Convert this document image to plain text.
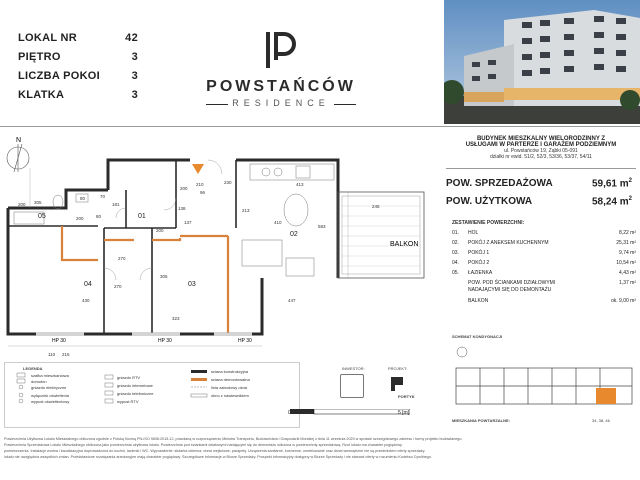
LOKAL NR	42
PIĘTRO	3
LICZBA POKOI	3
KLATKA	3	POWSTAŃCÓW
RESIDENCE
N
01
02
03
04
05
BALKON
HP 30	HP 30	HP 30
110 215
200 305
80
80
181
200
70
200
138
137
200
230
210
270
213
245
410
583
413
323
430
270
447
305
96
BUDYNEK MIESZKALNY WIELORODZINNY Z
USŁUGAMI W PARTERZE I GARAŻEM PODZIEMNYM
ul. Powstańców 19, Ząbki 05-091
działki nr ewid. 51/2, 52/3, 53/36, 53/37, 54/11
POW. SPRZEDAŻOWA	59,61 $m^2$
POW. UŻYTKOWA	58,24 $m^2$
ZESTAWIENIE POWIERZCHNI:
01. HOL	8,22 m²
02. POKÓJ Z ANEKSEM KUCHENNYM	25,31 m²
03. POKÓJ 1	9,74 m²
04. POKÓJ 2	10,54 m²
05. ŁAZIENKA	4,43 m²
POW. POD ŚCIANKAMI DZIAŁOWYMI	1,37 m²
NADAJĄCYMI SIĘ DO DEMONTAŻU
BALKON	ok. 9,00 m²
SCHEMAT KONDYGNACJI
MIESZKANIA POWTARZALNE:	34, 38, 46
LEGENDA
szafka mieszkaniowa
domofon
gniazdo elektryczne
wyłącznik oświetlenia
wypust oświetleniowy
gniazdo RTV
gniazdo internetowe
gniazdo telefoniczne
wypust RTV
ściana konstrukcyjna
ściana demontowalna
linia zabudowy okna
okno z nawiewnikiem
0	1	5 [m]
INWESTOR:	PROJEKT:
PORTYK
Powierzchnia Użytkowa Lokalu Mieszkalnego obliczona zgodnie z Polską Normą PN-ISO 9836:2015-12, powołaną w rozporządzeniu Ministra Transportu, Budownictwa i Gospodarki Morskiej z dnia 11 września 2020 w sprawie szczegółowego zakresu i formy projektu budowlanego.
Powierzchnia Sprzedażowa Lokalu Mieszkalnego obliczona jako powierzchnia użytkowa lokalu. Powierzchnia pod ściankami działowymi nadającymi się do demontażu wliczona w powierzchnię sprzedażową. Rzut lokalu ma charakter poglądowy.
pomieszczenia. Instalacje wodna i kanalizacyjna doprowadzona do kuchni, łazienki i WC. Wyposażenie: stolarka okienna, drzwi wejściowe, parapety. Urządzenia sanitarne, kuchenne, umeblowanie oraz drzwi wewnętrzne nie są przedmiotem oferty sprzedaży.
lokalu nie uwzględnia wszystkich zmian. Przedstawione rozwiązania aranżacyjne mają charakter poglądowy. Szczegółowe informacje w Biurze Sprzedaży. Prospekt informacyjny dostępny w Biurze Sprzedaży i nie stanowi oferty w rozumieniu Kodeksu Cywilnego.
